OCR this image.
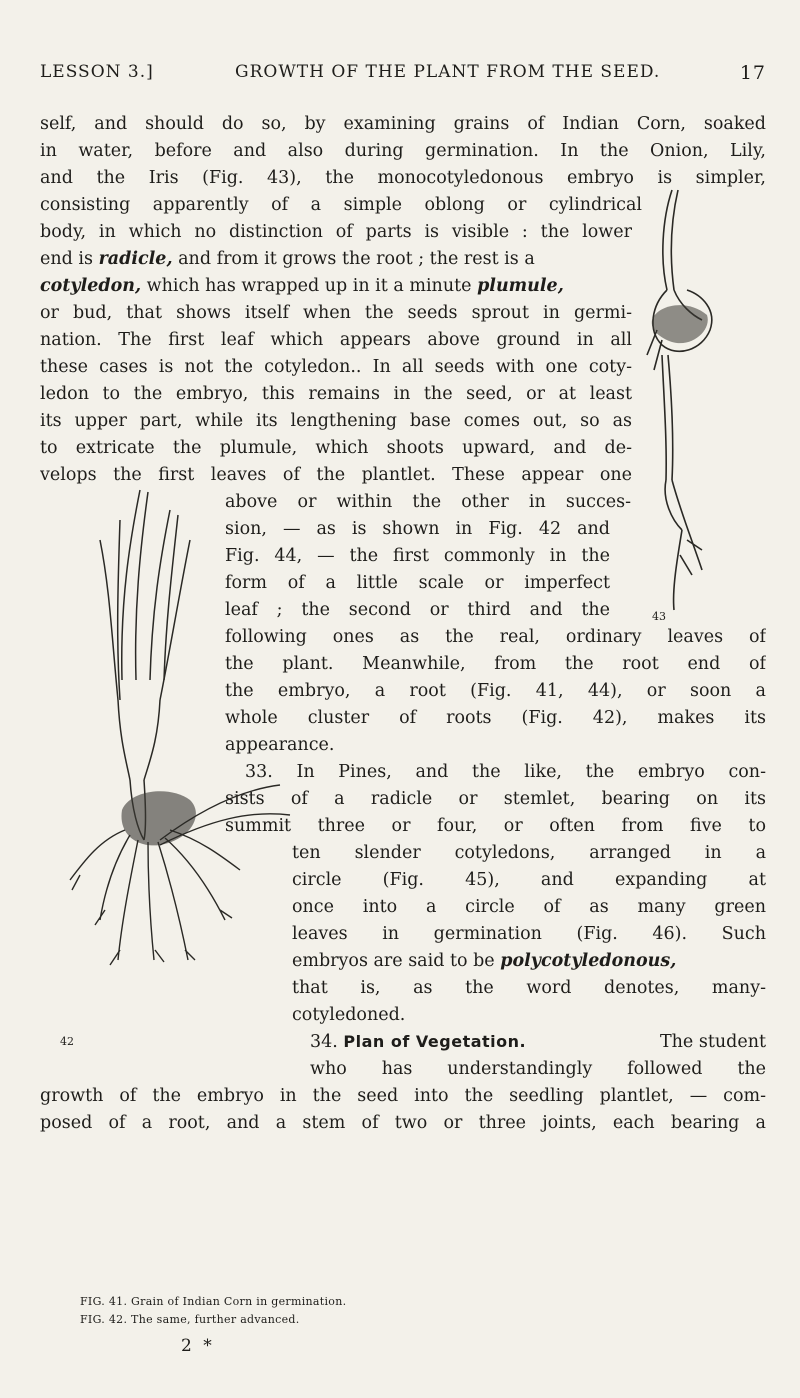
LESSON 3.]	GROWTH OF THE PLANT FROM THE SEED.	17
self, and should do so, by examining grains of Indian Corn, soaked
in water, before and also during germination. In the Onion, Lily,
and the Iris (Fig. 43), the monocotyledonous embryo is simpler,
consisting apparently of a simple oblong or cylindrical
body, in which no distinction of parts is visible : the lower
end is radicle, and from it grows the root ; the rest is a
cotyledon, which has wrapped up in it a minute plumule,
or bud, that shows itself when the seeds sprout in germi-
nation. The first leaf which appears above ground in all
these cases is not the cotyledon.. In all seeds with one coty-
ledon to the embryo, this remains in the seed, or at least
its upper part, while its lengthening base comes out, so as
to extricate the plumule, which shoots upward, and de-
velops the first leaves of the plantlet. These appear one
above or within the other in succes-
sion, — as is shown in Fig. 42 and
Fig. 44, — the first commonly in the
form of a little scale or imperfect
leaf ; the second or third and the
following ones as the real, ordinary leaves of
the plant. Meanwhile, from the root end of
the embryo, a root (Fig. 41, 44), or soon a
whole cluster of roots (Fig. 42), makes its
appearance.
33. In Pines, and the like, the embryo con-
sists of a radicle or stemlet, bearing on its
summit three or four, or often from five to
ten slender cotyledons, arranged in a
circle (Fig. 45), and expanding at
once into a circle of as many green
leaves in germination (Fig. 46). Such
embryos are said to be polycotyledonous,
that is, as the word denotes, many-
cotyledoned.
34. Plan of Vegetation.	The student
who has understandingly followed the
growth of the embryo in the seed into the seedling plantlet, — com-
posed of a root, and a stem of two or three joints, each bearing a
43
42
FIG. 41. Grain of Indian Corn in germination.
FIG. 42. The same, further advanced.
2 *
